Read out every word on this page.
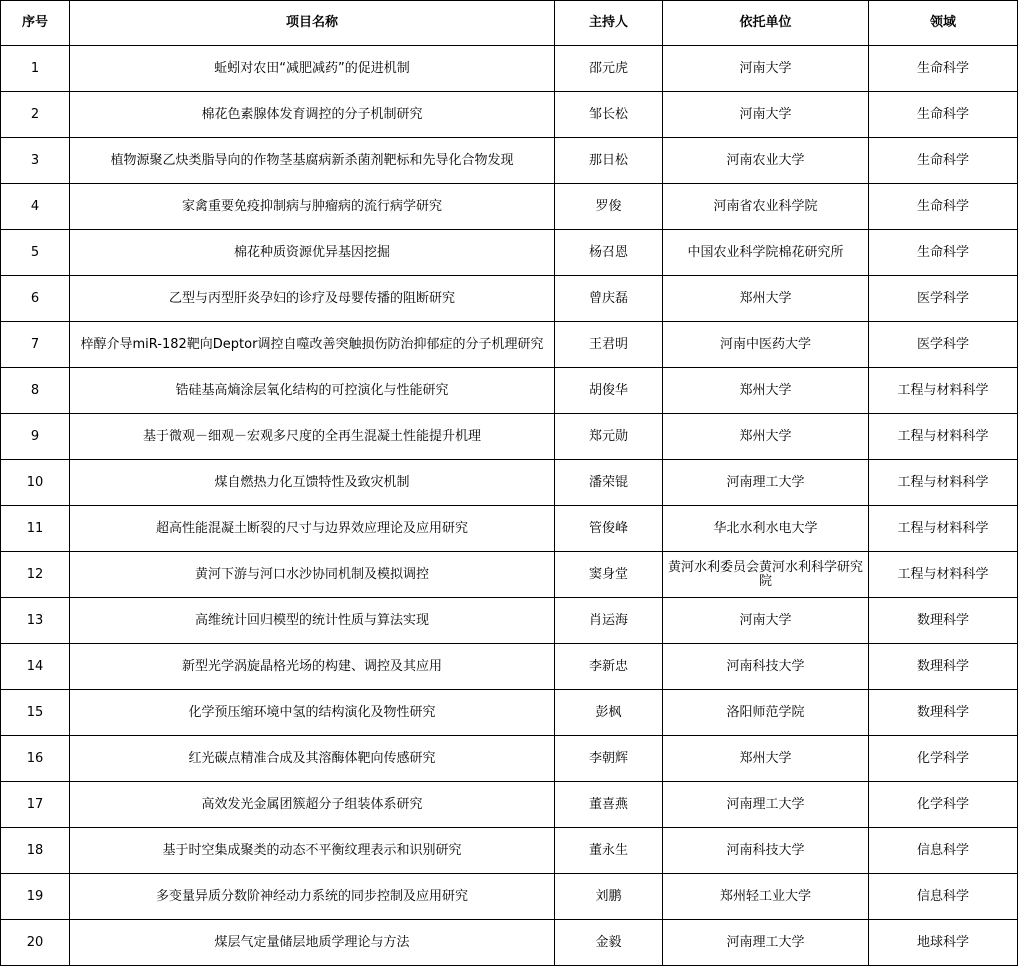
序号	项目名称	主持人	依托单位	领域
1	蚯蚓对农田“减肥减药”的促进机制	邵元虎	河南大学	生命科学
2	棉花色素腺体发育调控的分子机制研究	邹长松	河南大学	生命科学
3	植物源聚乙炔类脂导向的作物茎基腐病新杀菌剂靶标和先导化合物发现	那日松	河南农业大学	生命科学
4	家禽重要免疫抑制病与肿瘤病的流行病学研究	罗俊	河南省农业科学院	生命科学
5	棉花种质资源优异基因挖掘	杨召恩	中国农业科学院棉花研究所	生命科学
6	乙型与丙型肝炎孕妇的诊疗及母婴传播的阻断研究	曾庆磊	郑州大学	医学科学
7	梓醇介导miR-182靶向Deptor调控自噬改善突触损伤防治抑郁症的分子机理研究	王君明	河南中医药大学	医学科学
8	锆硅基高熵涂层氧化结构的可控演化与性能研究	胡俊华	郑州大学	工程与材料科学
9	基于微观－细观－宏观多尺度的全再生混凝土性能提升机理	郑元勋	郑州大学	工程与材料科学
10	煤自燃热力化互馈特性及致灾机制	潘荣锟	河南理工大学	工程与材料科学
11	超高性能混凝土断裂的尺寸与边界效应理论及应用研究	管俊峰	华北水利水电大学	工程与材料科学
12	黄河下游与河口水沙协同机制及模拟调控	窦身堂	黄河水利委员会黄河水利科学研究院	工程与材料科学
13	高维统计回归模型的统计性质与算法实现	肖运海	河南大学	数理科学
14	新型光学涡旋晶格光场的构建、调控及其应用	李新忠	河南科技大学	数理科学
15	化学预压缩环境中氢的结构演化及物性研究	彭枫	洛阳师范学院	数理科学
16	红光碳点精准合成及其溶酶体靶向传感研究	李朝辉	郑州大学	化学科学
17	高效发光金属团簇超分子组装体系研究	董喜燕	河南理工大学	化学科学
18	基于时空集成聚类的动态不平衡纹理表示和识别研究	董永生	河南科技大学	信息科学
19	多变量异质分数阶神经动力系统的同步控制及应用研究	刘鹏	郑州轻工业大学	信息科学
20	煤层气定量储层地质学理论与方法	金毅	河南理工大学	地球科学
